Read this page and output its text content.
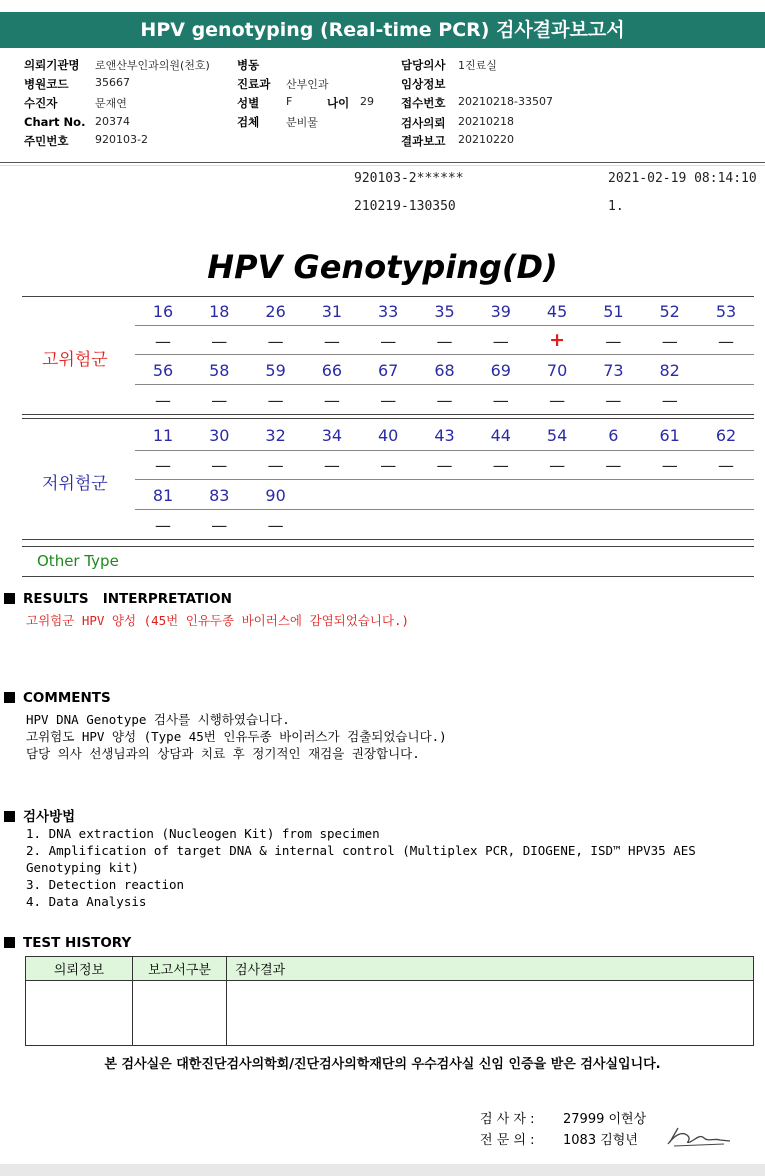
HPV genotyping (Real-time PCR) 검사결과보고서
의뢰기관명 로앤산부인과의원(천호)
병원코드 35667
수진자	문재연
Chart No. 20374
주민번호 920103-2
병동
진료과 산부인과
성별 F	나이 29
검체 분비물
담당의사 1진료실
임상정보
접수번호 20210218-33507
검사의뢰 20210218
결과보고 20210220
920103-2******	2021-02-19 08:14:10
210219-130350	1.
HPV Genotyping(D)
고위험군
저위험군
16	18	26	31	33	35	39	45	51	52	53
—	—	—	—	—	—	—	+	—	—	—
56	58	59	66	67	68	69	70	73	82
—	—	—	—	—	—	—	—	—	—
11	30	32	34	40	43	44	54	6	61	62
—	—	—	—	—	—	—	—	—	—	—
81	83	90
—	—	—
Other Type
RESULTS   INTERPRETATION
고위험군 HPV 양성 (45번 인유두종 바이러스에 감염되었습니다.)
COMMENTS
HPV DNA Genotype 검사를 시행하였습니다.
고위험도 HPV 양성 (Type 45번 인유두종 바이러스가 검출되었습니다.)
담당 의사 선생님과의 상담과 치료 후 정기적인 재검을 권장합니다.
검사방법
1. DNA extraction (Nucleogen Kit) from specimen
2. Amplification of target DNA & internal control (Multiplex PCR, DIOGENE, ISD™ HPV35 AES
Genotyping kit)
3. Detection reaction
4. Data Analysis
TEST HISTORY
의뢰정보	보고서구분	검사결과

본 검사실은 대한진단검사의학회/진단검사의학재단의 우수검사실 신임 인증을 받은 검사실입니다.
검 사 자 : 27999 이현상
전 문 의 : 1083 김형년
